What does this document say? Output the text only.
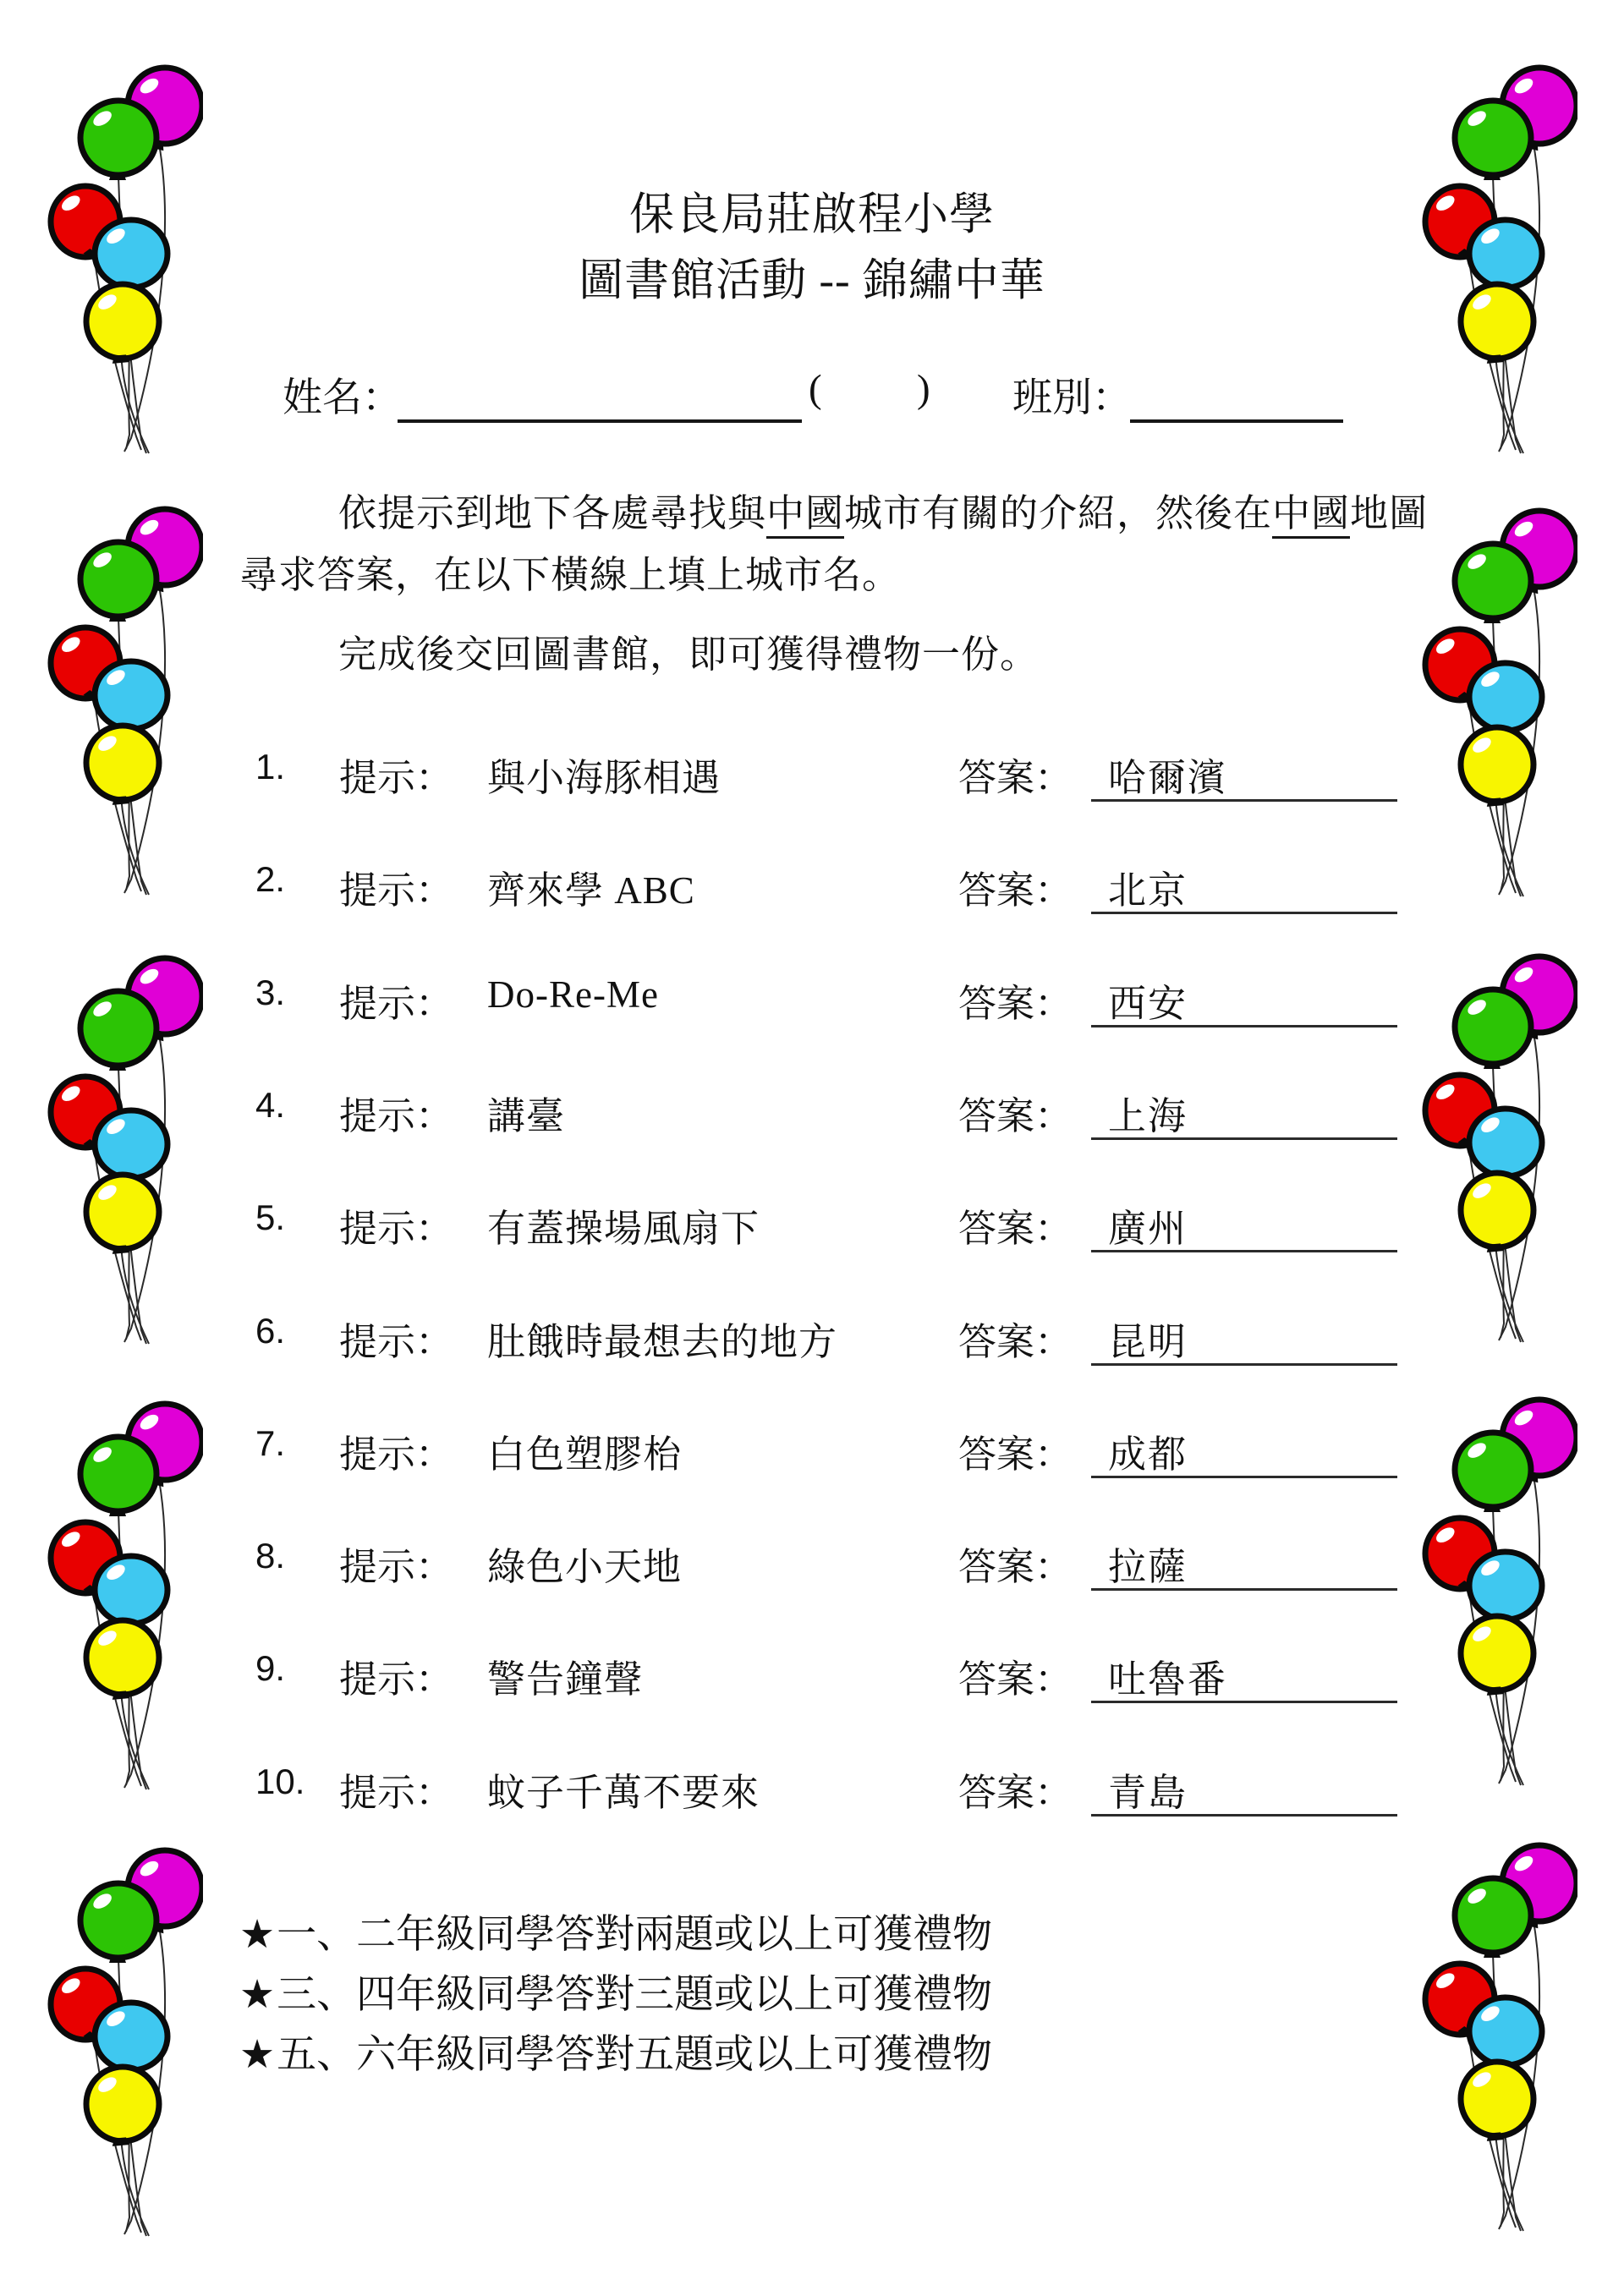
保良局莊啟程小學
圖書館活動 -- 錦繡中華
姓名：	( ) 班別：
依提示到地下各處尋找與中國城市有關的介紹，然後在中國地圖
尋求答案，在以下橫線上填上城市名。
完成後交回圖書館，即可獲得禮物一份。
1. 提示： 與小海豚相遇	答案： 哈爾濱
2. 提示： 齊來學 ABC	答案： 北京
3. 提示： Do-Re-Me	答案： 西安
4. 提示： 講臺	答案： 上海
5. 提示： 有蓋操場風扇下	答案： 廣州
6. 提示： 肚餓時最想去的地方	答案： 昆明
7. 提示： 白色塑膠枱	答案： 成都
8. 提示： 綠色小天地	答案： 拉薩
9. 提示： 警告鐘聲	答案： 吐魯番
10. 提示： 蚊子千萬不要來	答案： 青島
★一、二年級同學答對兩題或以上可獲禮物
★三、四年級同學答對三題或以上可獲禮物
★五、六年級同學答對五題或以上可獲禮物
